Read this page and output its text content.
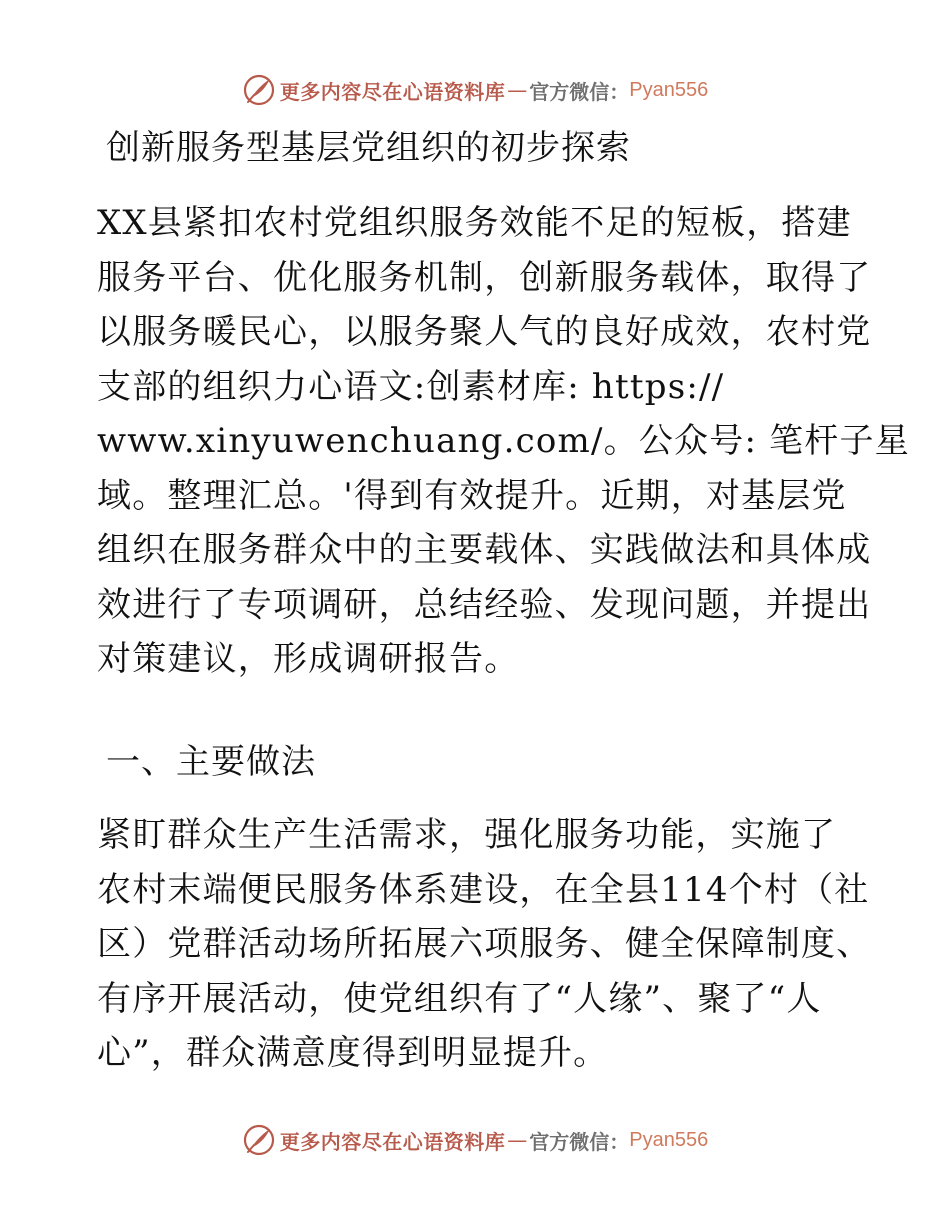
更多内容尽在心语资料库 — 官方微信： Pyan556
创新服务型基层党组织的初步探索
XX县紧扣农村党组织服务效能不足的短板，搭建
服务平台、优化服务机制，创新服务载体，取得了
以服务暖民心，以服务聚人气的良好成效，农村党
支部的组织力心语文:创素材库: https://
www.xinyuwenchuang.com/。公众号: 笔杆子星
域。整理汇总。'得到有效提升。近期，对基层党
组织在服务群众中的主要载体、实践做法和具体成
效进行了专项调研，总结经验、发现问题，并提出
对策建议，形成调研报告。
一、主要做法
紧盯群众生产生活需求，强化服务功能，实施了
农村末端便民服务体系建设，在全县114个村（社
区）党群活动场所拓展六项服务、健全保障制度、
有序开展活动，使党组织有了“人缘”、聚了“人
心”，群众满意度得到明显提升。
更多内容尽在心语资料库 — 官方微信： Pyan556
